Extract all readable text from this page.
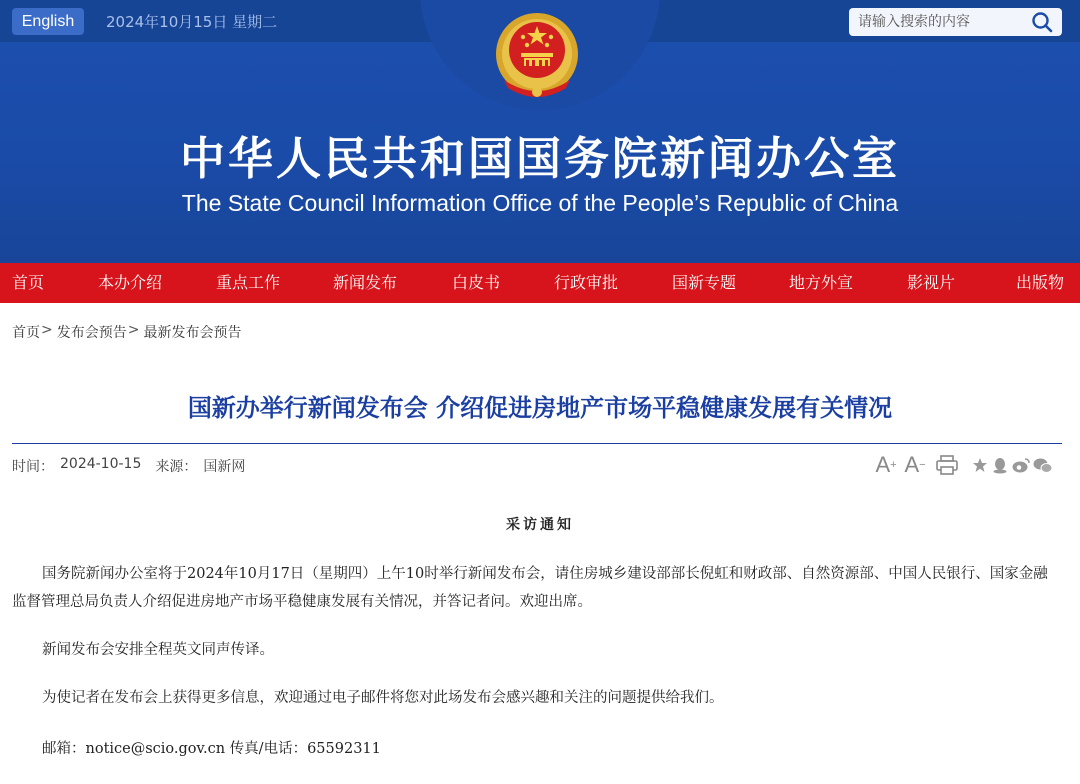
English	2024年10月15日 星期二
请输入搜索的内容
中华人民共和国国务院新闻办公室
The State Council Information Office of the People’s Republic of China
首页	本办介绍	重点工作	新闻发布	白皮书	行政审批	国新专题	地方外宣	影视片	出版物
首页 > 发布会预告 > 最新发布会预告
国新办举行新闻发布会 介绍促进房地产市场平稳健康发展有关情况
时间： 2024-10-15 来源： 国新网	A + A −
采访通知

国务院新闻办公室将于2024年10月17日（星期四）上午10时举行新闻发布会，请住房城乡建设部部长倪虹和财政部、自然资源部、中国人民银行、国家金融监督管理总局负责人介绍促进房地产市场平稳健康发展有关情况，并答记者问。欢迎出席。

新闻发布会安排全程英文同声传译。

为使记者在发布会上获得更多信息，欢迎通过电子邮件将您对此场发布会感兴趣和关注的问题提供给我们。

邮箱：notice@scio.gov.cn 传真/电话：65592311
